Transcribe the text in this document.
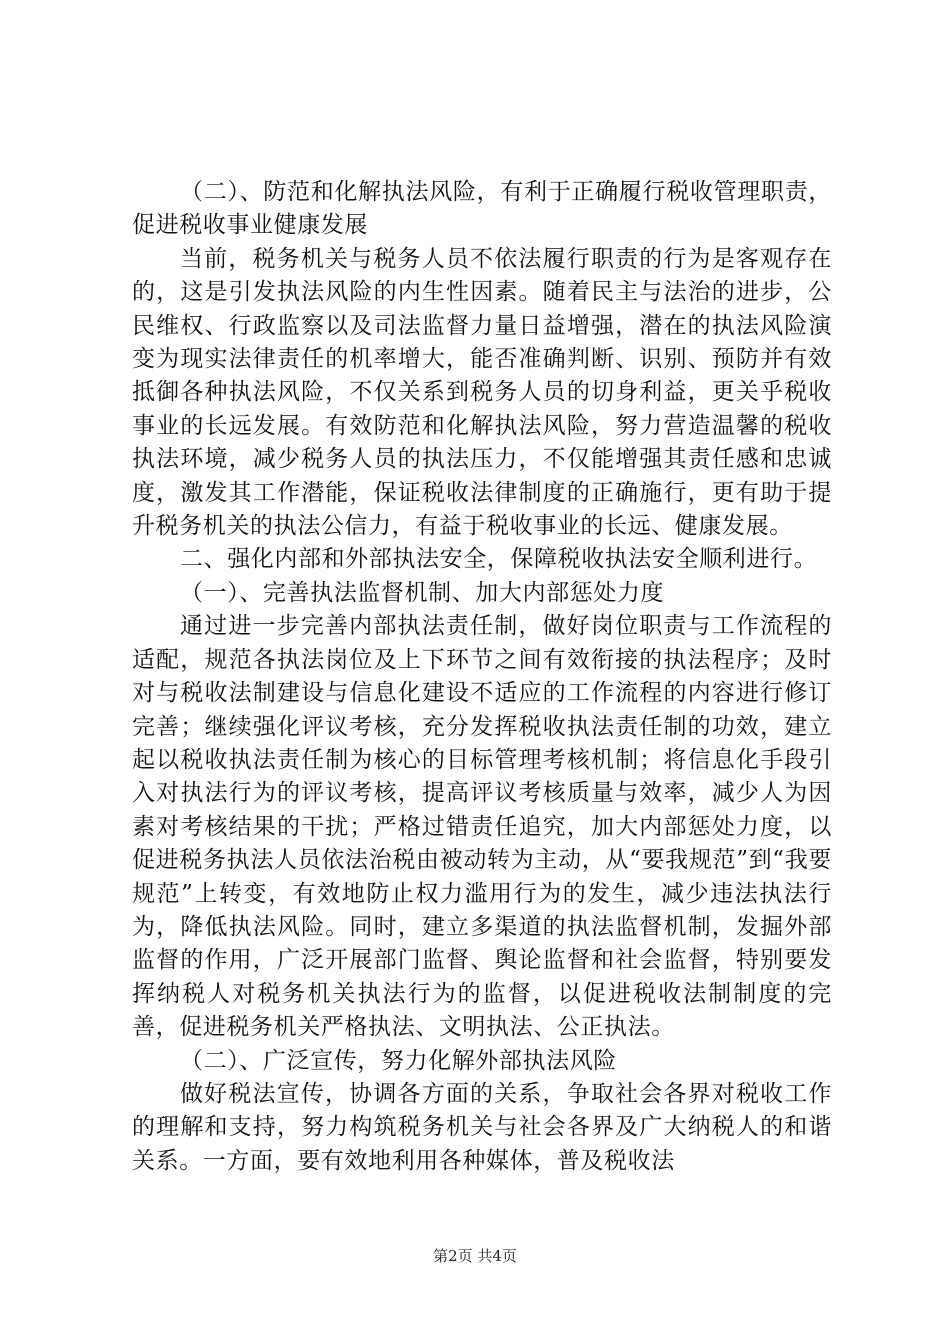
（二）、防范和化解执法风险，有利于正确履行税收管理职责，促进税收事业健康发展

当前，税务机关与税务人员不依法履行职责的行为是客观存在的，这是引发执法风险的内生性因素。随着民主与法治的进步，公民维权、行政监察以及司法监督力量日益增强，潜在的执法风险演变为现实法律责任的机率增大，能否准确判断、识别、预防并有效抵御各种执法风险，不仅关系到税务人员的切身利益，更关乎税收事业的长远发展。有效防范和化解执法风险，努力营造温馨的税收执法环境，减少税务人员的执法压力，不仅能增强其责任感和忠诚度，激发其工作潜能，保证税收法律制度的正确施行，更有助于提升税务机关的执法公信力，有益于税收事业的长远、健康发展。

二、强化内部和外部执法安全，保障税收执法安全顺利进行。

（一）、完善执法监督机制、加大内部惩处力度

通过进一步完善内部执法责任制，做好岗位职责与工作流程的适配，规范各执法岗位及上下环节之间有效衔接的执法程序；及时对与税收法制建设与信息化建设不适应的工作流程的内容进行修订完善；继续强化评议考核，充分发挥税收执法责任制的功效，建立起以税收执法责任制为核心的目标管理考核机制；将信息化手段引入对执法行为的评议考核，提高评议考核质量与效率，减少人为因素对考核结果的干扰；严格过错责任追究，加大内部惩处力度，以促进税务执法人员依法治税由被动转为主动，从“要我规范”到“我要规范”上转变，有效地防止权力滥用行为的发生，减少违法执法行为，降低执法风险。同时，建立多渠道的执法监督机制，发掘外部监督的作用，广泛开展部门监督、舆论监督和社会监督，特别要发挥纳税人对税务机关执法行为的监督，以促进税收法制制度的完善，促进税务机关严格执法、文明执法、公正执法。

（二）、广泛宣传，努力化解外部执法风险

做好税法宣传，协调各方面的关系，争取社会各界对税收工作的理解和支持，努力构筑税务机关与社会各界及广大纳税人的和谐关系。一方面，要有效地利用各种媒体，普及税收法

第2页 共4页
